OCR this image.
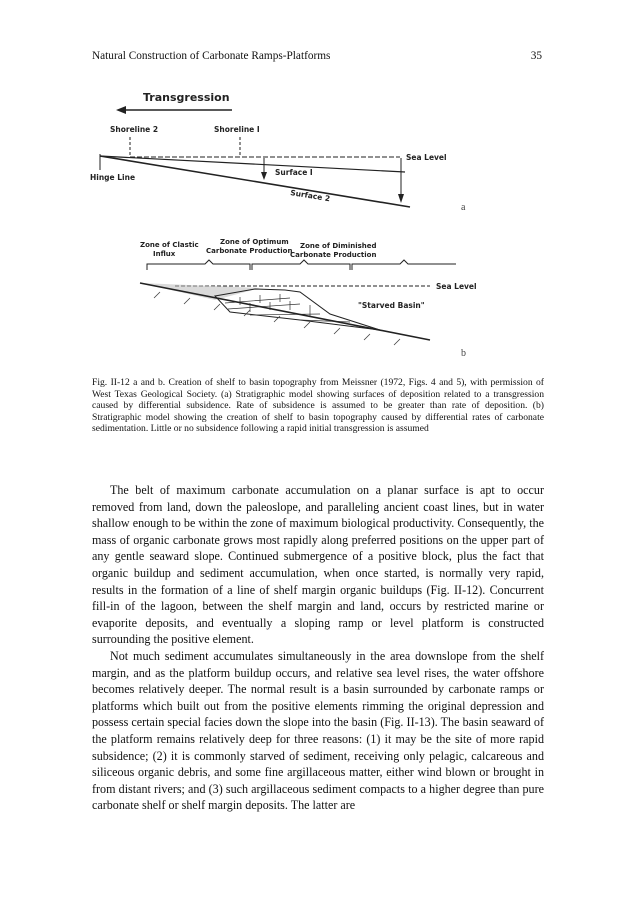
Natural Construction of Carbonate Ramps-Platforms	35
Transgression
Shoreline 2	Shoreline I
Hinge Line
Sea Level
Surface I
Surface 2
a
Zone of Clastic
Influx
Zone of Optimum
Carbonate Production
Zone of Diminished
Carbonate Production
Sea Level
"Starved Basin"
b
Fig. II-12 a and b. Creation of shelf to basin topography from Meissner (1972, Figs. 4 and 5), with permission of West Texas Geological Society. (a) Stratigraphic model showing surfaces of deposition related to a transgression caused by differential subsidence. Rate of subsidence is assumed to be greater than rate of deposition. (b) Stratigraphic model showing the creation of shelf to basin topography caused by differential rates of carbonate sedimentation. Little or no subsidence following a rapid initial transgression is assumed

The belt of maximum carbonate accumulation on a planar surface is apt to occur removed from land, down the paleoslope, and paralleling ancient coast lines, but in water shallow enough to be within the zone of maximum biological productivity. Consequently, the mass of organic carbonate grows most rapidly along preferred positions on the upper part of any gentle seaward slope. Continued submergence of a positive block, plus the fact that organic buildup and sediment accumulation, when once started, is normally very rapid, results in the formation of a line of shelf margin organic buildups (Fig. II-12). Concurrent fill-in of the lagoon, between the shelf margin and land, occurs by restricted marine or evaporite deposits, and eventually a sloping ramp or level platform is constructed surrounding the positive element.

Not much sediment accumulates simultaneously in the area downslope from the shelf margin, and as the platform buildup occurs, and relative sea level rises, the water offshore becomes relatively deeper. The normal result is a basin surrounded by carbonate ramps or platforms which built out from the positive elements rimming the original depression and possess certain special facies down the slope into the basin (Fig. II-13). The basin seaward of the platform remains relatively deep for three reasons: (1) it may be the site of more rapid subsidence; (2) it is commonly starved of sediment, receiving only pelagic, calcareous and siliceous organic debris, and some fine argillaceous matter, either wind blown or brought in from distant rivers; and (3) such argillaceous sediment compacts to a higher degree than pure carbonate shelf or shelf margin deposits. The latter are
